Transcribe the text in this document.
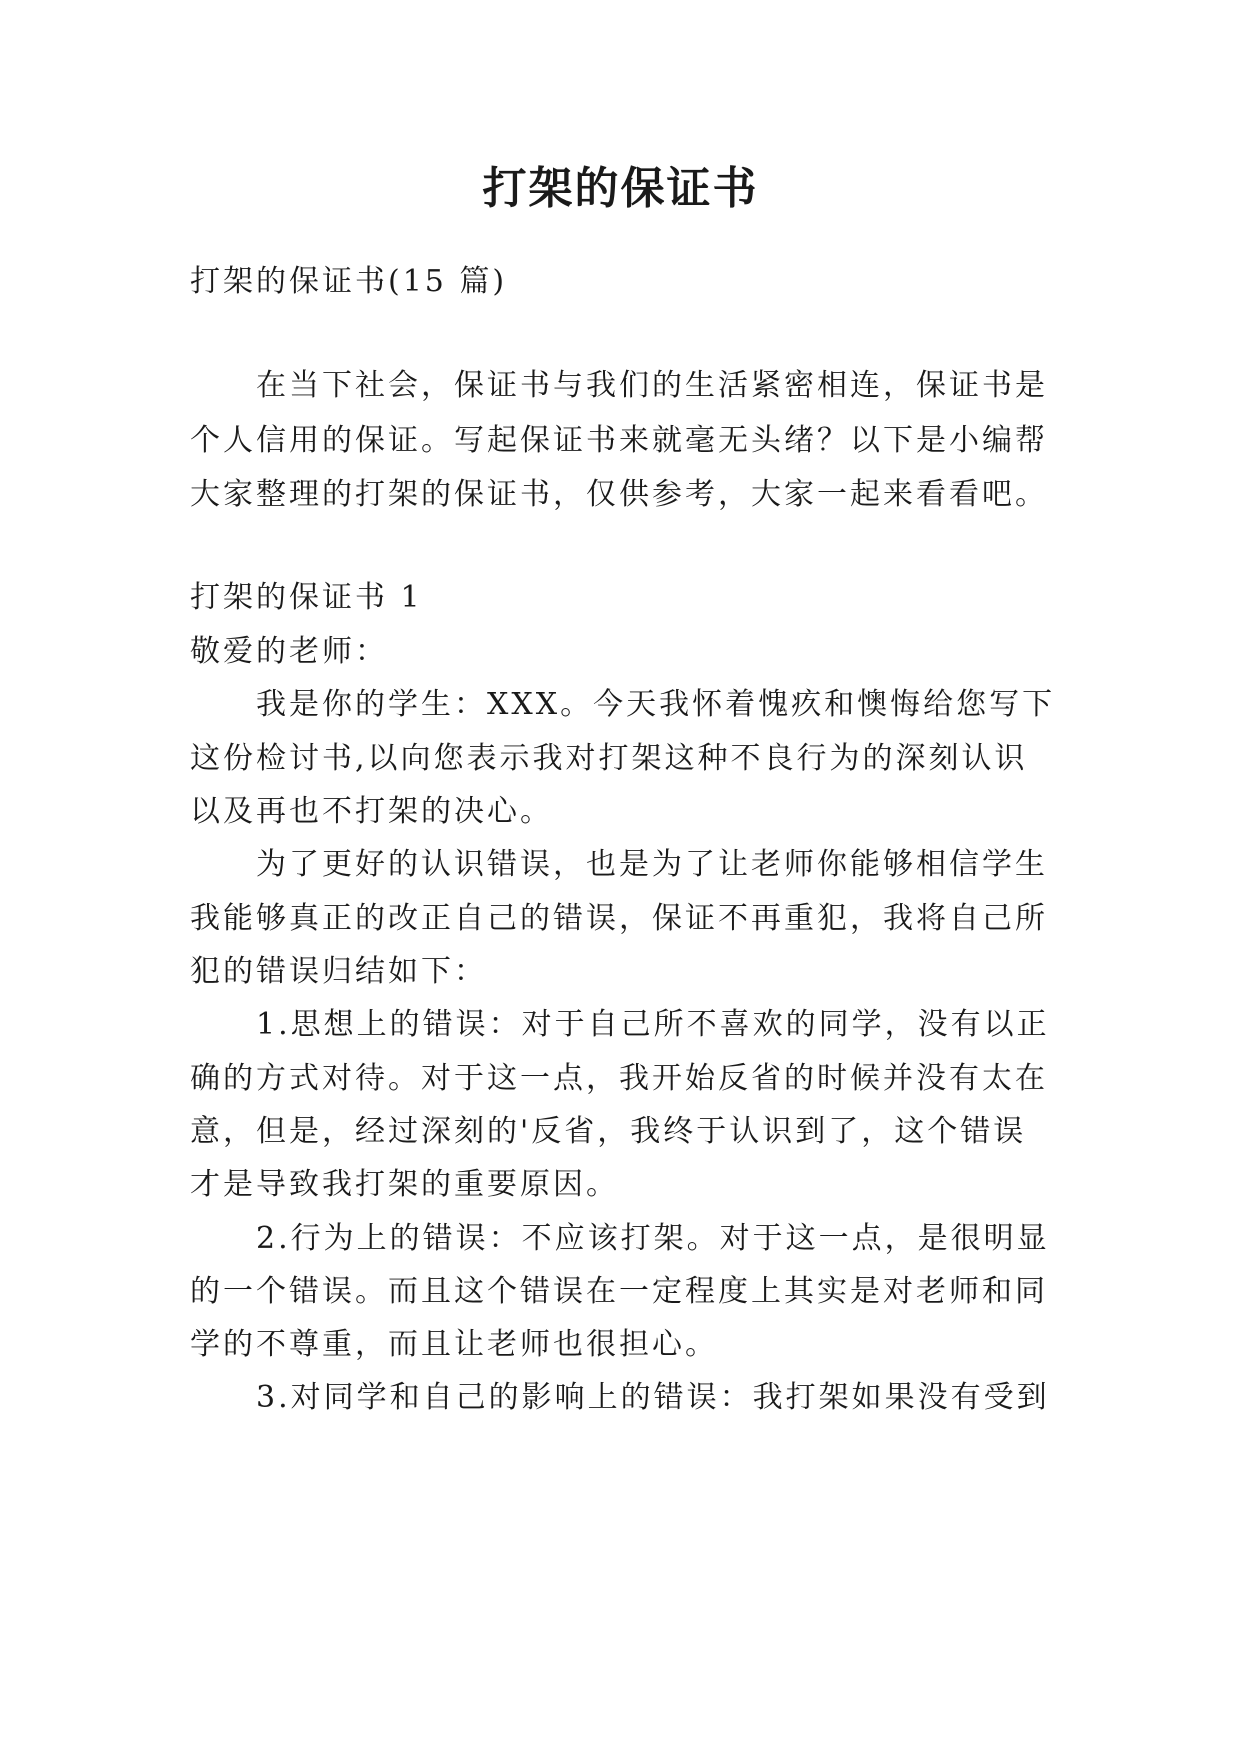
打架的保证书
打架的保证书(15 篇)
在当下社会，保证书与我们的生活紧密相连，保证书是
个人信用的保证。写起保证书来就毫无头绪？以下是小编帮
大家整理的打架的保证书，仅供参考，大家一起来看看吧。
打架的保证书 1
敬爱的老师：
我是你的学生：XXX。今天我怀着愧疚和懊悔给您写下
这份检讨书,以向您表示我对打架这种不良行为的深刻认识
以及再也不打架的决心。
为了更好的认识错误，也是为了让老师你能够相信学生
我能够真正的改正自己的错误，保证不再重犯，我将自己所
犯的错误归结如下：
1.思想上的错误：对于自己所不喜欢的同学，没有以正
确的方式对待。对于这一点，我开始反省的时候并没有太在
意，但是，经过深刻的'反省，我终于认识到了，这个错误
才是导致我打架的重要原因。
2.行为上的错误：不应该打架。对于这一点，是很明显
的一个错误。而且这个错误在一定程度上其实是对老师和同
学的不尊重，而且让老师也很担心。
3.对同学和自己的影响上的错误：我打架如果没有受到
